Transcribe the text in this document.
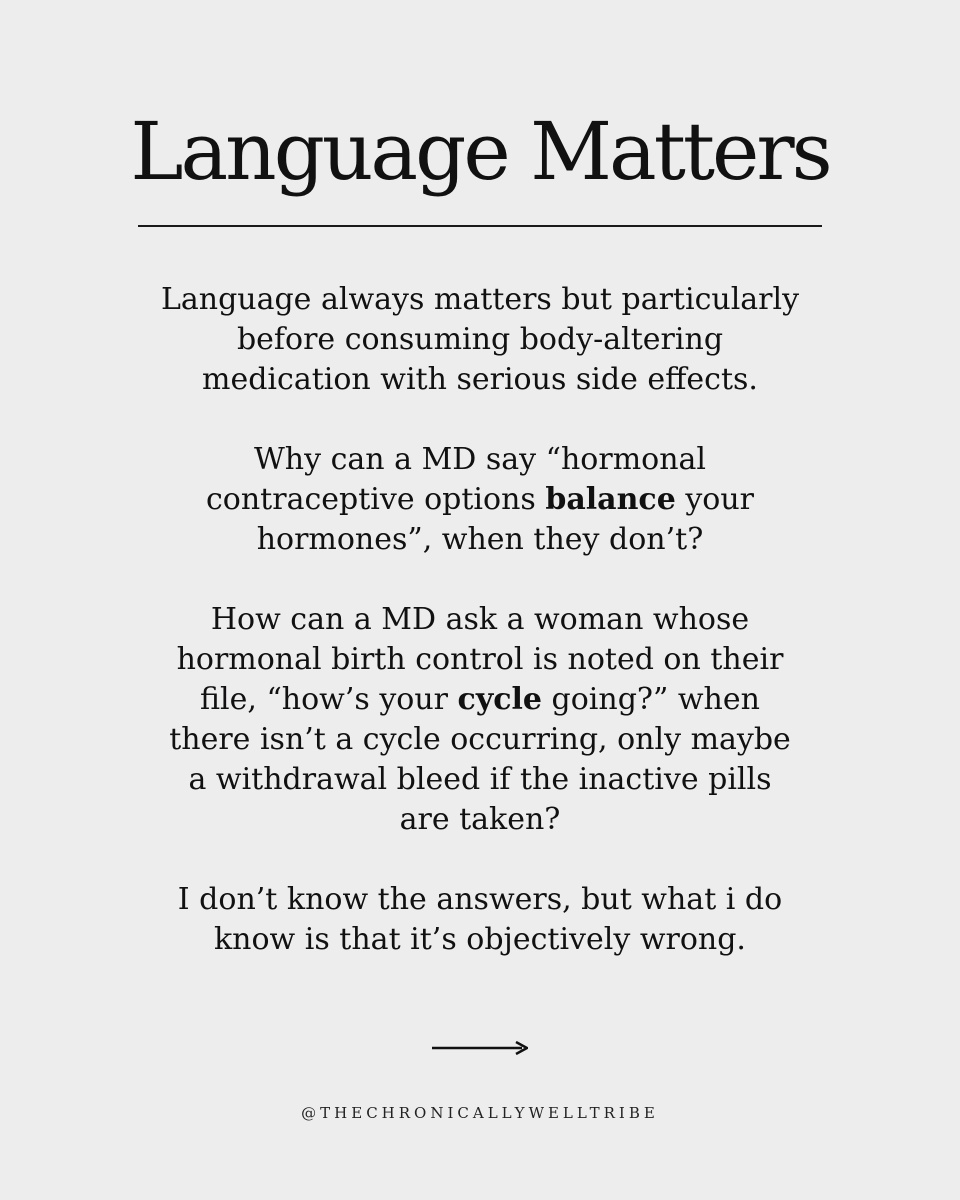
Language Matters

Language always matters but particularly
before consuming body-altering
medication with serious side effects.

Why can a MD say “hormonal
contraceptive options balance your
hormones”, when they don’t?

How can a MD ask a woman whose
hormonal birth control is noted on their
file, “how’s your cycle going?” when
there isn’t a cycle occurring, only maybe
a withdrawal bleed if the inactive pills
are taken?

I don’t know the answers, but what i do
know is that it’s objectively wrong.

@THECHRONICALLYWELLTRIBE
